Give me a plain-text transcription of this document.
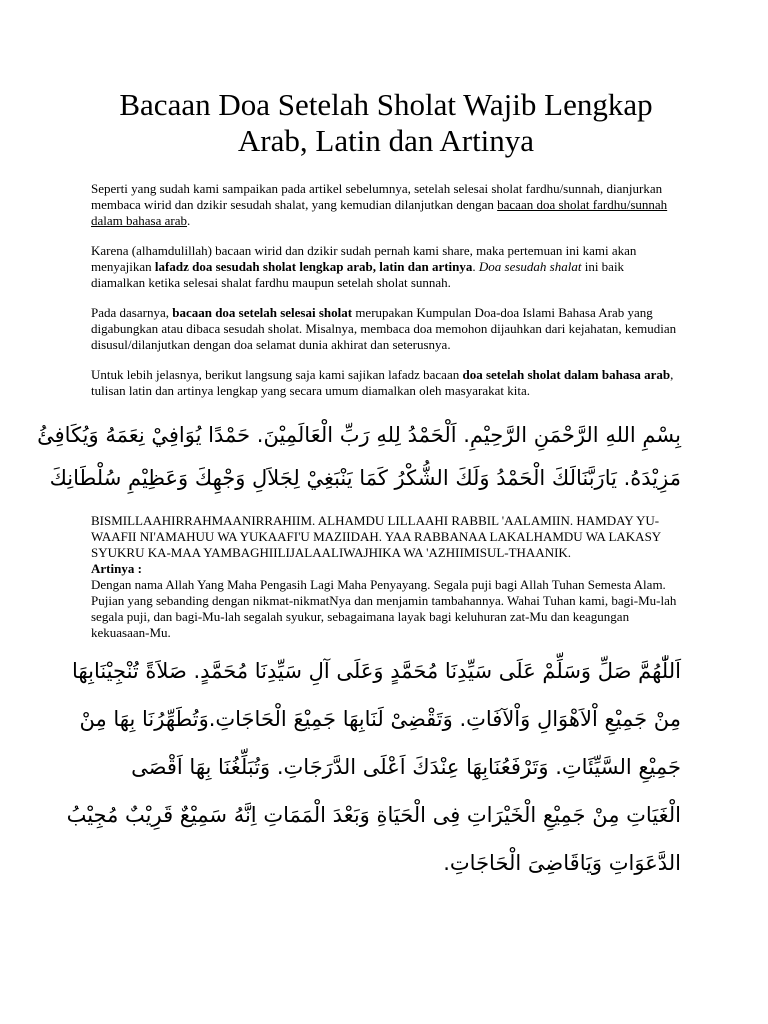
Bacaan Doa Setelah Sholat Wajib Lengkap
Arab, Latin dan Artinya

Seperti yang sudah kami sampaikan pada artikel sebelumnya, setelah selesai sholat fardhu/sunnah, dianjurkan membaca wirid dan dzikir sesudah shalat, yang kemudian dilanjutkan dengan bacaan doa sholat fardhu/sunnah dalam bahasa arab.

Karena (alhamdulillah) bacaan wirid dan dzikir sudah pernah kami share, maka pertemuan ini kami akan menyajikan lafadz doa sesudah sholat lengkap arab, latin dan artinya. Doa sesudah shalat ini baik diamalkan ketika selesai shalat fardhu maupun setelah sholat sunnah.

Pada dasarnya, bacaan doa setelah selesai sholat merupakan Kumpulan Doa-doa Islami Bahasa Arab yang digabungkan atau dibaca sesudah sholat. Misalnya, membaca doa memohon dijauhkan dari kejahatan, kemudian disusul/dilanjutkan dengan doa selamat dunia akhirat dan seterusnya.

Untuk lebih jelasnya, berikut langsung saja kami sajikan lafadz bacaan doa setelah sholat dalam bahasa arab, tulisan latin dan artinya lengkap yang secara umum diamalkan oleh masyarakat kita.

بِسْمِ اللهِ الرَّحْمَنِ الرَّحِيْمِ. اَلْحَمْدُ لِلهِ رَبِّ الْعَالَمِيْنَ. حَمْدًا يُوَافِيْ نِعَمَهُ وَيُكَافِئُ

مَزِيْدَهُ. يَارَبَّنَالَكَ الْحَمْدُ وَلَكَ الشُّكْرُ كَمَا يَنْبَغِيْ لِجَلاَلِ وَجْهِكَ وَعَظِيْمِ سُلْطَانِكَ

BISMILLAAHIRRAHMAANIRRAHIIM. ALHAMDU LILLAAHI RABBIL 'AALAMIIN. HAMDAY YU-WAAFII NI'AMAHUU WA YUKAAFI'U MAZIIDAH. YAA RABBANAA LAKALHAMDU WA LAKASY SYUKRU KA-MAA YAMBAGHIILIJALAALIWAJHIKA WA 'AZHIIMISUL-THAANIK.

Artinya :
Dengan nama Allah Yang Maha Pengasih Lagi Maha Penyayang. Segala puji bagi Allah Tuhan Semesta Alam. Pujian yang sebanding dengan nikmat-nikmatNya dan menjamin tambahannya. Wahai Tuhan kami, bagi-Mu-lah segala puji, dan bagi-Mu-lah segalah syukur, sebagaimana layak bagi keluhuran zat-Mu dan keagungan kekuasaan-Mu.

اَللّٰهُمَّ صَلِّ وَسَلِّمْ عَلَى سَيِّدِنَا مُحَمَّدٍ وَعَلَى آلِ سَيِّدِنَا مُحَمَّدٍ. صَلاَةً تُنْجِيْنَابِهَا

مِنْ جَمِيْعِ اْلاَهْوَالِ وَاْلآفَاتِ. وَتَقْضِىْ لَنَابِهَا جَمِيْعَ الْحَاجَاتِ.وَتُطَهِّرُنَا بِهَا مِنْ

جَمِيْعِ السَّيِّئَاتِ. وَتَرْفَعُنَابِهَا عِنْدَكَ اَعْلَى الدَّرَجَاتِ. وَتُبَلِّغُنَا بِهَا اَقْصَى

الْغَيَاتِ مِنْ جَمِيْعِ الْخَيْرَاتِ فِى الْحَيَاةِ وَبَعْدَ الْمَمَاتِ اِنَّهُ سَمِيْعٌ قَرِيْبٌ مُجِيْبُ

الدَّعَوَاتِ وَيَاقَاضِىَ الْحَاجَاتِ.
